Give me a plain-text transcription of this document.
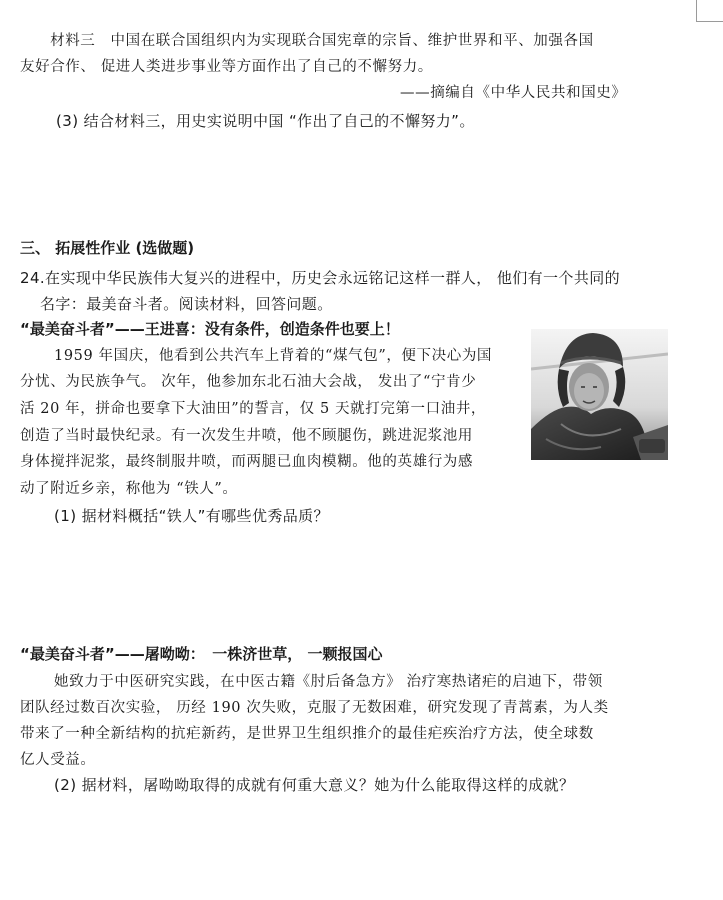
　材料三　中国在联合国组织内为实现联合国宪章的宗旨、维护世界和平、加强各国
友好合作、 促进人类进步事业等方面作出了自己的不懈努力。
——摘编自《中华人民共和国史》
(3) 结合材料三，用史实说明中国 “作出了自己的不懈努力”。
三、 拓展性作业 (选做题)
24.在实现中华民族伟大复兴的进程中，历史会永远铭记这样一群人， 他们有一个共同的
名字：最美奋斗者。阅读材料，回答问题。
“最美奋斗者”——王进喜：没有条件，创造条件也要上！
1959 年国庆，他看到公共汽车上背着的“煤气包”，便下决心为国
分忧、为民族争气。 次年，他参加东北石油大会战， 发出了“宁肯少
活 20 年，拼命也要拿下大油田”的誓言，仅 5 天就打完第一口油井，
创造了当时最快纪录。有一次发生井喷，他不顾腿伤，跳进泥浆池用
身体搅拌泥浆，最终制服井喷，而两腿已血肉模糊。他的英雄行为感
动了附近乡亲，称他为 “铁人”。
(1) 据材料概括“铁人”有哪些优秀品质？
“最美奋斗者”——屠呦呦：　一株济世草， 一颗报国心
她致力于中医研究实践，在中医古籍《肘后备急方》 治疗寒热诸疟的启迪下，带领
团队经过数百次实验， 历经 190 次失败，克服了无数困难，研究发现了青蒿素，为人类
带来了一种全新结构的抗疟新药，是世界卫生组织推介的最佳疟疾治疗方法，使全球数
亿人受益。
(2) 据材料，屠呦呦取得的成就有何重大意义？她为什么能取得这样的成就？
